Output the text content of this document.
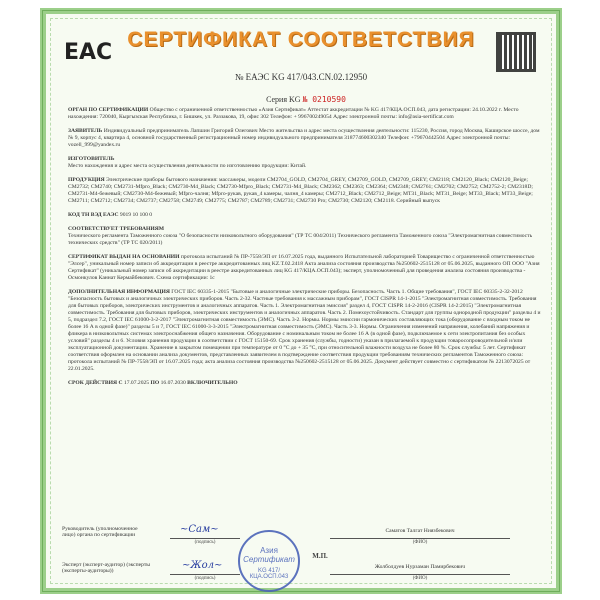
EAC
СЕРТИФИКАТ СООТВЕТСТВИЯ
№ ЕАЭС KG 417/043.CN.02.12950
Серия KG № 0210590
ОРГАН ПО СЕРТИФИКАЦИИ Общество с ограниченной ответственностью «Азия Сертификат» Аттестат аккредитации № KG 417/КЦА.ОСП.043, дата регистрации: 24.10.2022 г. Место нахождения: 720040, Кыргызская Республика, г. Бишкек, ул. Раззакова, 19, офис 302 Телефон: + 996700249054 Адрес электронной почты: info@asia-sertificat.com
ЗАЯВИТЕЛЬ Индивидуальный предприниматель Лапшин Григорий Олегович Место жительства и адрес места осуществления деятельности: 115230, Россия, город Москва, Каширское шоссе, дом № 9, корпус 4, квартира 4, основной государственный регистрационный номер индивидуального предпринимателя 318774600302340 Телефон: +79670442504 Адрес электронной почты: vozell_999@yandex.ru
ИЗГОТОВИТЕЛЬ
Место нахождения и адрес места осуществления деятельности по изготовлению продукции: Китай.
ПРОДУКЦИЯ Электрические приборы бытового назначения: массажеры, модели CM2704_GOLD, CM2704_GREY, CM2709_GOLD, CM2709_GREY; CM2118; CM2120_Black; CM2120_Beige; CM2732; CM2740; CM2731-Мfpro_Black; CM2730-M4_Black; CM2730-Mfpro_Black; CM2731-M4_Black; CM2362; CM2363; CM2364; CM2348; CM2761; CM2702; CM2752; CM2752-2; CM2318D; CM2731-M4-бежевый; CM2730-M4-бежевый; Mfpro-чалня; Mfpro-рукав, рукав_4 камеры, чалня_4 камеры; CM2712_Black; CM2712_Beige; MT31_Black; MT31_Beige; MT33_Black; MT33_Beige; CM2711; CM2712; CM2734; CM2737; CM2758; CM2749; CM2775; CM2787; CM2789; CM2731; CM2730 Pro; CM2730; CM2120; CM2118. Серийный выпуск
КОД ТН ВЭД ЕАЭС 9019 10 100 0
СООТВЕТСТВУЕТ ТРЕБОВАНИЯМ
Технического регламента Таможенного союза "О безопасности низковольтного оборудования" (ТР ТС 004/2011) Технического регламента Таможенного союза "Электромагнитная совместимость технических средств" (ТР ТС 020/2011)
СЕРТИФИКАТ ВЫДАН НА ОСНОВАНИИ протокола испытаний № ПР-7558/ЭП от 16.07.2025 года, выданного Испытательной лабораторией Товарищество с ограниченной ответственностью "Элсер", уникальный номер записи об аккредитации в реестре аккредитованных лиц KZ.Т.02.2418 Акта анализа состояния производства №250602-2515128 от 05.06.2025, выданного ОП ООО "Азия Сертификат" (уникальный номер записи об аккредитации в реестре аккредитованных лиц KG 417/КЦА.ОСП.043); эксперт, уполномоченный для проведения анализа состояния производства - Осмонкулов Каннат Кермайбекович. Схема сертификации: 1с
ДОПОЛНИТЕЛЬНАЯ ИНФОРМАЦИЯ ГОСТ IEC 60335-1-2015 "Бытовые и аналогичные электрические приборы. Безопасность. Часть 1. Общие требования", ГОСТ IEC 60335-2-32-2012 "Безопасность бытовых и аналогичных электрических приборов. Часть 2-32. Частные требования к массажным приборам", ГОСТ CISPR 14-1-2015 "Электромагнитная совместимость. Требования для бытовых приборов, электрических инструментов и аналогичных аппаратов. Часть 1. Электромагнитная эмиссия" раздел 4, ГОСТ CISPR 14-2-2016 (CISPR 14-2:2015) "Электромагнитная совместимость. Требования для бытовых приборов, электрических инструментов и аналогичных аппаратов. Часть 2. Помехоустойчивость. Стандарт для группы однородной продукции" разделы 4 и 5, подраздел 7.2, ГОСТ IEC 61000-3-2-2017 "Электромагнитная совместимость (ЭМС). Часть 3-2. Нормы. Нормы эмиссии гармонических составляющих тока (оборудование с входным током не более 16 А в одной фазе)" разделы 5 и 7, ГОСТ IEC 61000-3-3-2015 "Электромагнитная совместимость (ЭМС). Часть 3-3. Нормы. Ограничения изменений напряжения, колебаний напряжения и фликера в низковольтных системах электроснабжения общего назначения. Оборудование с номинальным током не более 16 А (в одной фазе), подключаемое к сети электропитания без особых условий" разделы 4 и 6. Условия хранения продукции в соответствии с ГОСТ 15150-69. Срок хранения (службы, годности) указан в прилагаемой к продукции товаросопроводительной и/или эксплуатационной документации. Хранение в закрытом помещении при температуре от 0 °C до + 35 °C, при относительной влажности воздуха не более 80 %. Срок службы: 5 лет. Сертификат соответствия оформлен на основании анализа документов, представленных заявителем в подтверждение соответствия продукции требованиям технических регламентов Таможенного союза: протокола испытаний № ПР-7558/ЭП от 16.07.2025 года; акта анализа состояния производства №250602-2515128 от 05.06.2025. Документ действует совместно с сертификатом № 2213072025 от 22.01.2025.
СРОК ДЕЙСТВИЯ С 17.07.2025 ПО 16.07.2030 ВКЛЮЧИТЕЛЬНО
Руководитель (уполномоченное лицо) органа по сертификации	~Сам~
(подпись)
Саматов Талгат Ниязбекович
(ФИО)
М.П.
Эксперт (эксперт-аудитор) (эксперты (эксперты-аудиторы))	~Жол~
(подпись)
Жолболдуев Нурзаман Памирбекович
(ФИО)
Азия
Сертификат
KG 417/КЦА.ОСП.043
